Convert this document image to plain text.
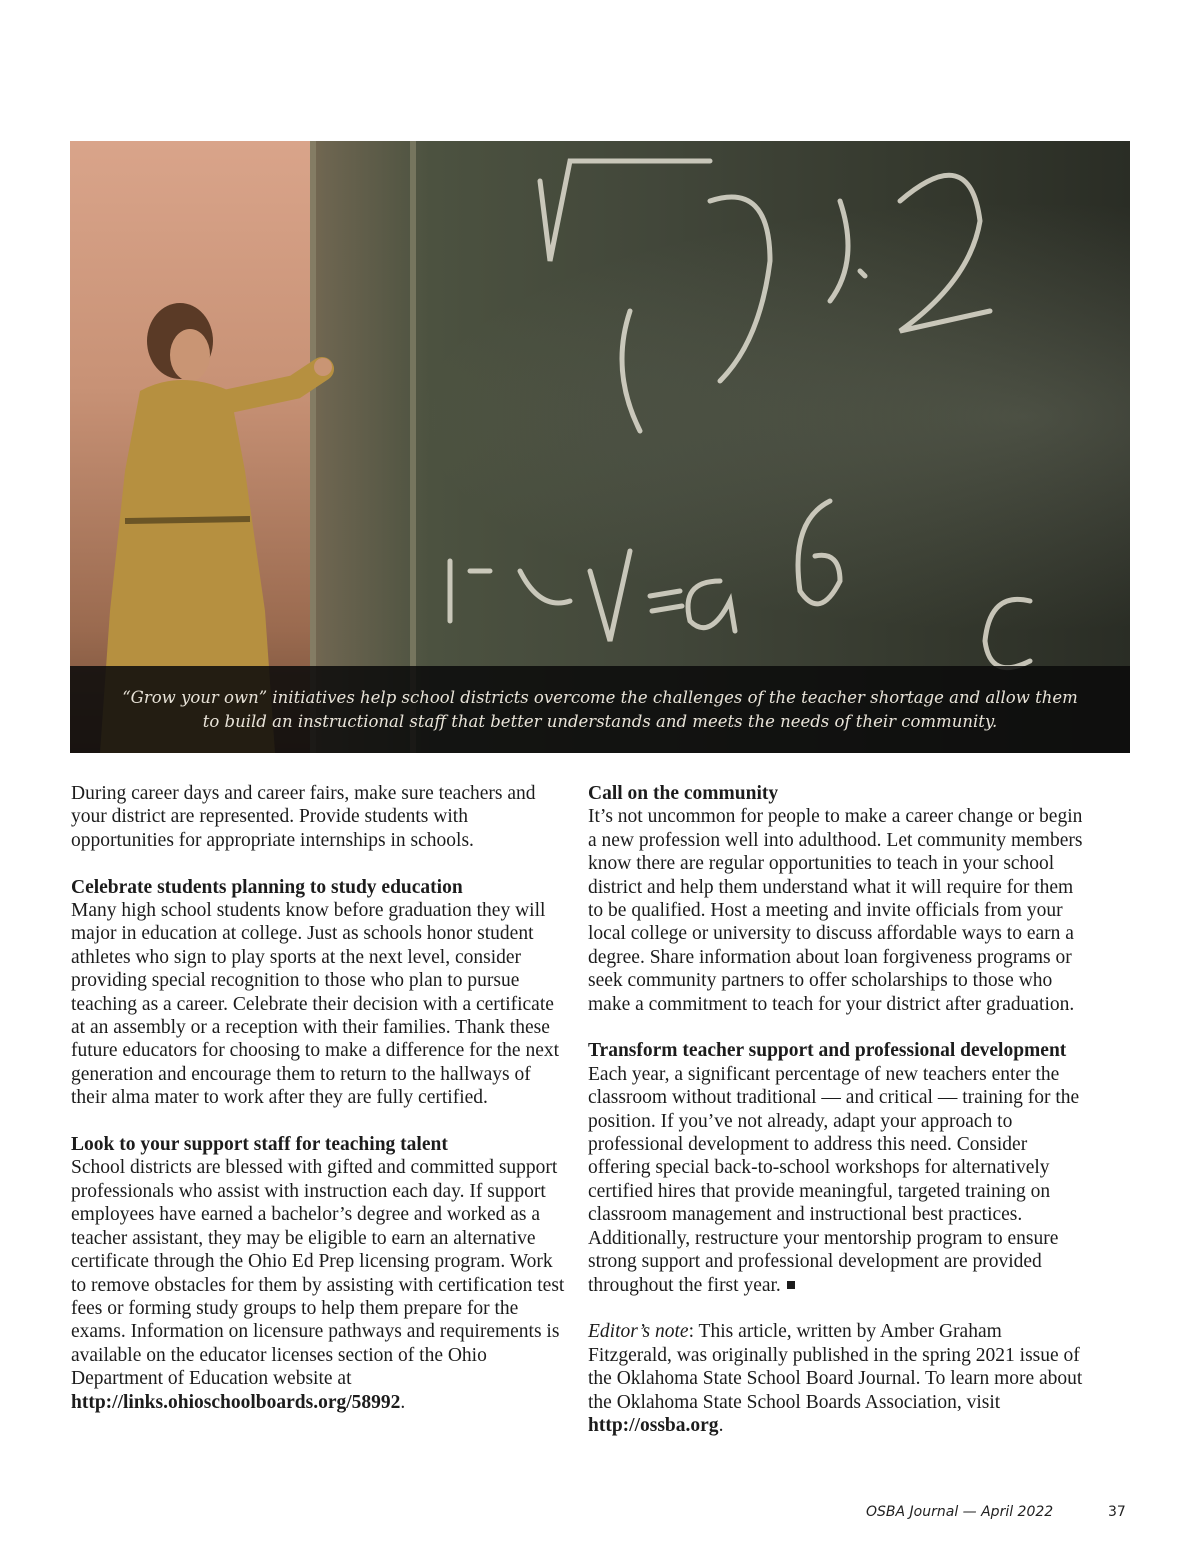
“Grow your own” initiatives help school districts overcome the challenges of the teacher shortage and allow them to build an instructional staff that better understands and meets the needs of their community.

During career days and career fairs, make sure teachers and your district are represented. Provide students with opportunities for appropriate internships in schools.

Celebrate students planning to study education

Many high school students know before graduation they will major in education at college. Just as schools honor student athletes who sign to play sports at the next level, consider providing special recognition to those who plan to pursue teaching as a career. Celebrate their decision with a certificate at an assembly or a reception with their families. Thank these future educators for choosing to make a difference for the next generation and encourage them to return to the hallways of their alma mater to work after they are fully certified.

Look to your support staff for teaching talent

School districts are blessed with gifted and committed support professionals who assist with instruction each day. If support employees have earned a bachelor’s degree and worked as a teacher assistant, they may be eligible to earn an alternative certificate through the Ohio Ed Prep licensing program. Work to remove obstacles for them by assisting with certification test fees or forming study groups to help them prepare for the exams. Information on licensure pathways and requirements is available on the educator licenses section of the Ohio Department of Education website at http://links.ohioschoolboards.org/58992.

Call on the community

It’s not uncommon for people to make a career change or begin a new profession well into adulthood. Let community members know there are regular opportunities to teach in your school district and help them understand what it will require for them to be qualified. Host a meeting and invite officials from your local college or university to discuss affordable ways to earn a degree. Share information about loan forgiveness programs or seek community partners to offer scholarships to those who make a commitment to teach for your district after graduation.

Transform teacher support and professional development

Each year, a significant percentage of new teachers enter the classroom without traditional — and critical — training for the position. If you’ve not already, adapt your approach to professional development to address this need. Consider offering special back-to-school workshops for alternatively certified hires that provide meaningful, targeted training on classroom management and instructional best practices. Additionally, restructure your mentorship program to ensure strong support and professional development are provided throughout the first year.

Editor’s note: This article, written by Amber Graham Fitzgerald, was originally published in the spring 2021 issue of the Oklahoma State School Board Journal. To learn more about the Oklahoma State School Boards Association, visit http://ossba.org.

OSBA Journal — April 2022	37
